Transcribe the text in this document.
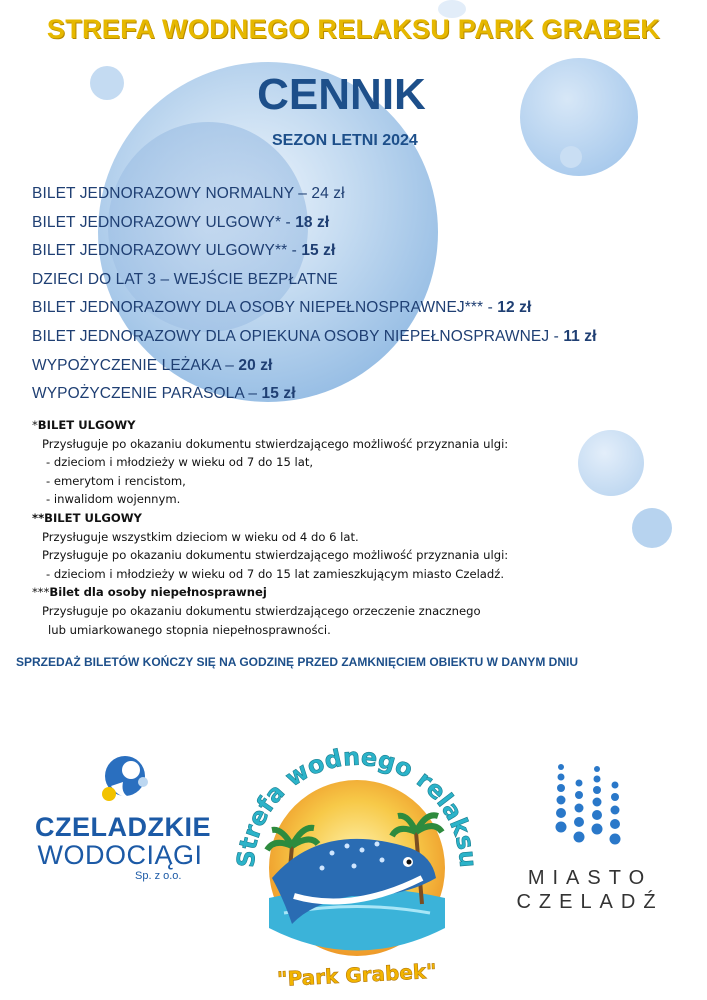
STREFA WODNEGO RELAKSU PARK GRABEK
CENNIK
SEZON LETNI 2024
BILET JEDNORAZOWY NORMALNY – 24 zł
BILET JEDNORAZOWY ULGOWY* - 18 zł
BILET JEDNORAZOWY ULGOWY** - 15 zł
DZIECI DO LAT 3 – WEJŚCIE BEZPŁATNE
BILET JEDNORAZOWY DLA OSOBY NIEPEŁNOSPRAWNEJ*** - 12 zł
BILET JEDNORAZOWY DLA OPIEKUNA OSOBY NIEPEŁNOSPRAWNEJ - 11 zł
WYPOŻYCZENIE LEŻAKA – 20 zł
WYPOŻYCZENIE PARASOLA – 15 zł
*BILET ULGOWY
Przysługuje po okazaniu dokumentu stwierdzającego możliwość przyznania ulgi:
- dzieciom i młodzieży w wieku od 7 do 15 lat,
- emerytom i rencistom,
- inwalidom wojennym.
**BILET ULGOWY
Przysługuje wszystkim dzieciom w wieku od 4 do 6 lat.
Przysługuje po okazaniu dokumentu stwierdzającego możliwość przyznania ulgi:
- dzieciom i młodzieży w wieku od 7 do 15 lat zamieszkującym miasto Czeladź.
***Bilet dla osoby niepełnosprawnej
Przysługuje po okazaniu dokumentu stwierdzającego orzeczenie znacznego
lub umiarkowanego stopnia niepełnosprawności.
SPRZEDAŻ BILETÓW KOŃCZY SIĘ NA GODZINĘ PRZED ZAMKNIĘCIEM OBIEKTU W DANYM DNIU
CZELADZKIE
WODOCIĄGI
Sp. z o.o.
Strefa wodnego relaksu
"Park Grabek"
MIASTO
CZELADŹ
